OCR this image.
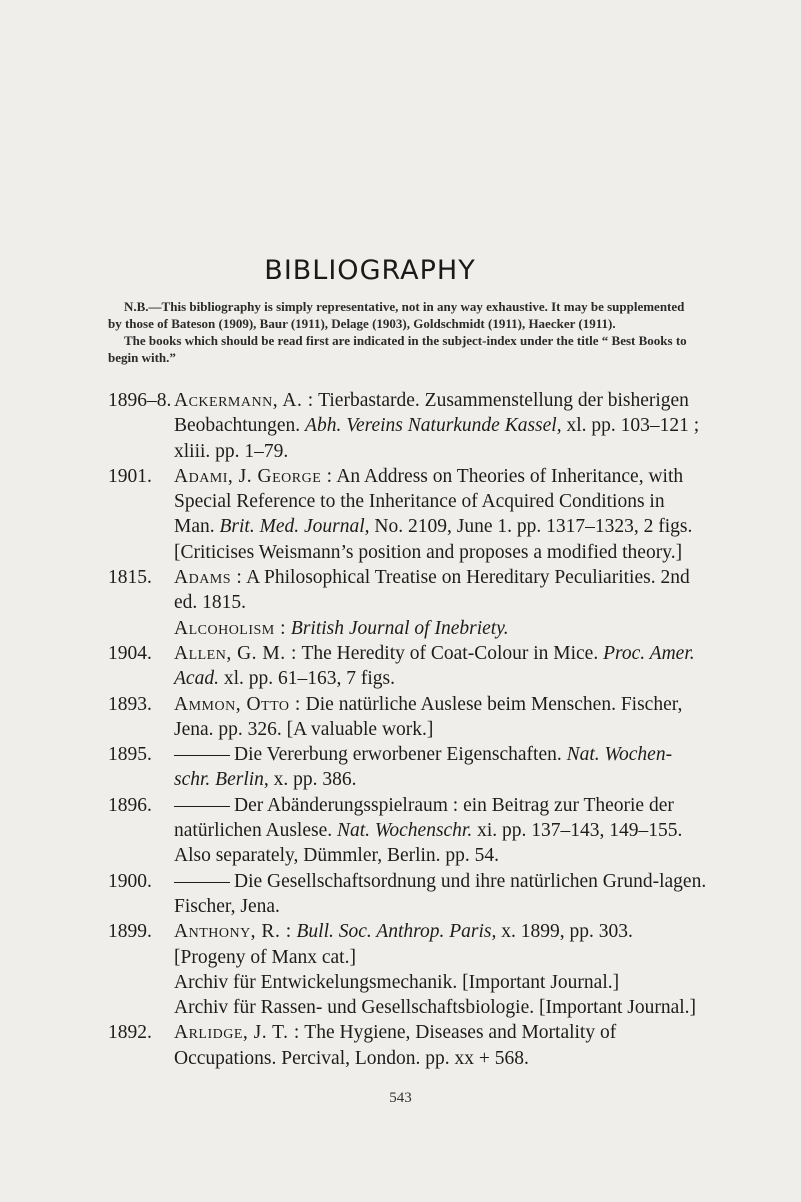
BIBLIOGRAPHY

N.B.—This bibliography is simply representative, not in any way exhaustive. It may be supplemented by those of Bateson (1909), Baur (1911), Delage (1903), Goldschmidt (1911), Haecker (1911).

The books which should be read first are indicated in the subject-index under the title “ Best Books to begin with.”

1896–8. Ackermann, A. : Tierbastarde. Zusammenstellung der bisherigen Beobachtungen. Abh. Vereins Naturkunde Kassel, xl. pp. 103–121 ; xliii. pp. 1–79.
1901.	Adami, J. George : An Address on Theories of Inheritance, with Special Reference to the Inheritance of Acquired Conditions in Man. Brit. Med. Journal, No. 2109, June 1. pp. 1317–1323, 2 figs. [Criticises Weismann’s position and proposes a modified theory.]
1815.	Adams : A Philosophical Treatise on Hereditary Peculiarities. 2nd ed. 1815.
Alcoholism : British Journal of Inebriety.
1904.	Allen, G. M. : The Heredity of Coat-Colour in Mice. Proc. Amer. Acad. xl. pp. 61–163, 7 figs.
1893.	Ammon, Otto : Die natürliche Auslese beim Menschen. Fischer, Jena. pp. 326. [A valuable work.]
1895.	Die Vererbung erworbener Eigenschaften. Nat. Wochen-schr. Berlin, x. pp. 386.
1896.	Der Abänderungsspielraum : ein Beitrag zur Theorie der natürlichen Auslese. Nat. Wochenschr. xi. pp. 137–143, 149–155. Also separately, Dümmler, Berlin. pp. 54.
1900.	Die Gesellschaftsordnung und ihre natürlichen Grund-lagen. Fischer, Jena.
1899.	Anthony, R. : Bull. Soc. Anthrop. Paris, x. 1899, pp. 303. [Progeny of Manx cat.]
Archiv für Entwickelungsmechanik. [Important Journal.]
Archiv für Rassen- und Gesellschaftsbiologie. [Important Journal.]
1892.	Arlidge, J. T. : The Hygiene, Diseases and Mortality of Occupations. Percival, London. pp. xx + 568.
543
